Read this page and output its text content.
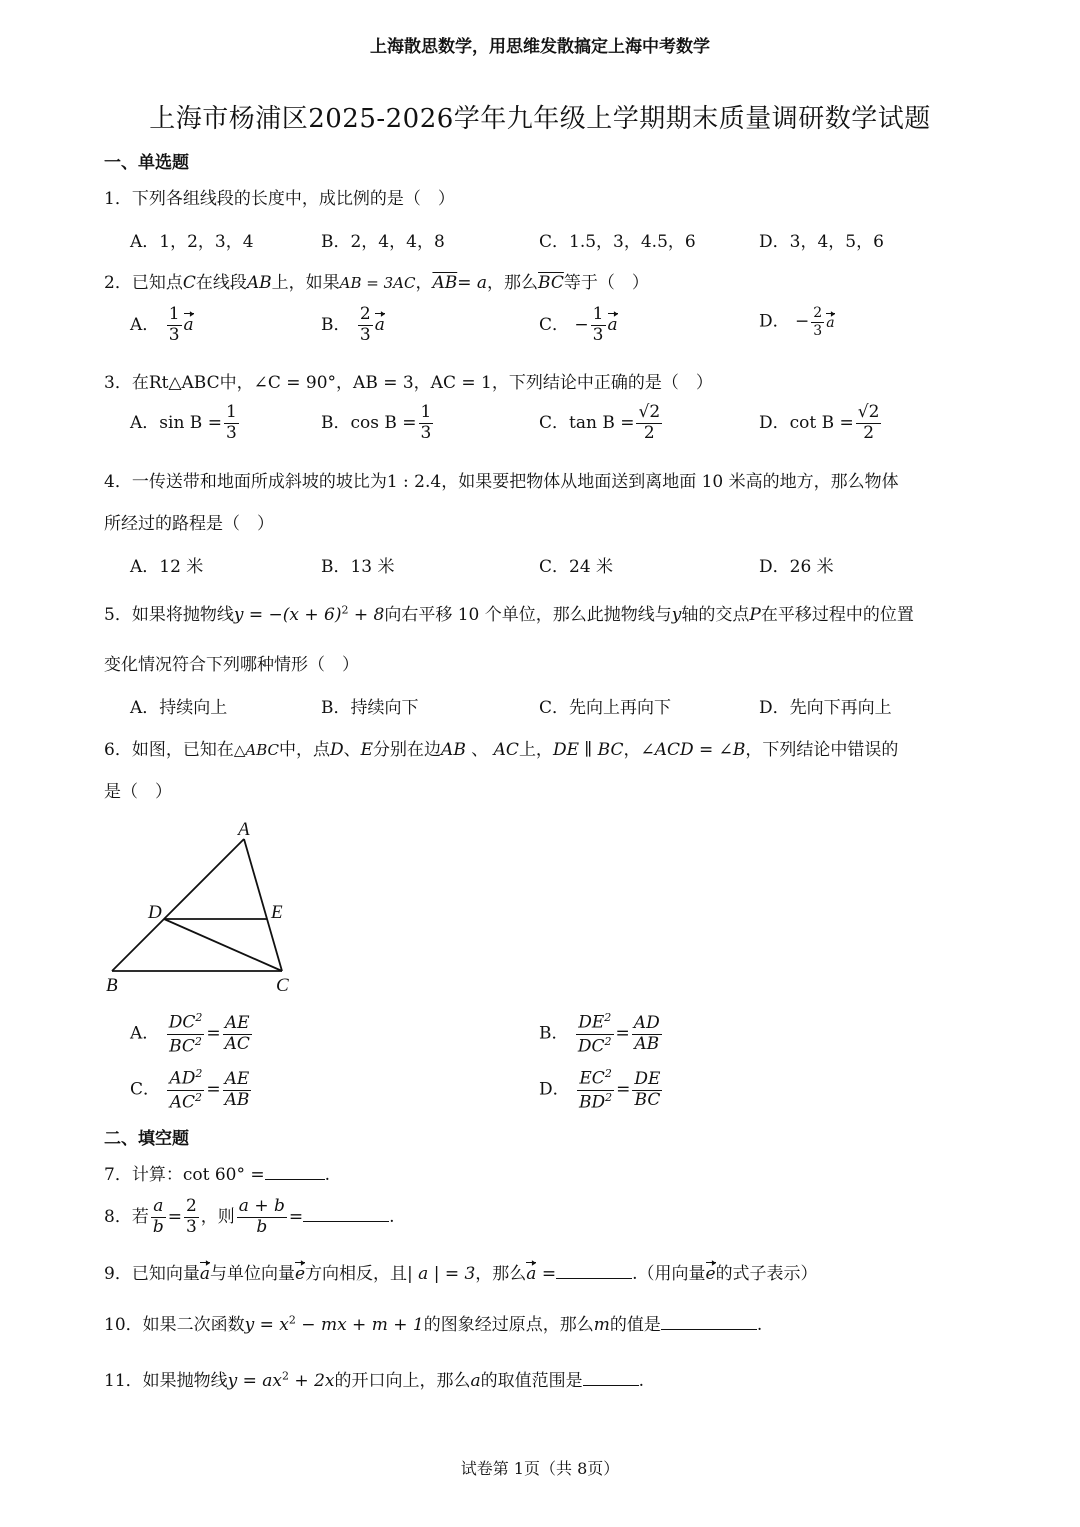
上海散思数学，用思维发散搞定上海中考数学
上海市杨浦区2025-2026学年九年级上学期期末质量调研数学试题
一、单选题
1．下列各组线段的长度中，成比例的是（　）
A．1，2，3，4	B．2，4，4，8	C．1.5，3，4.5，6	D．3，4，5，6
2．已知点C在线段AB上，如果AB = 3AC，$\overline{AB}= a$，那么$\overline{BC}$等于（　）
A． $\frac{1}{3}$ a	B． $\frac{2}{3}$ a	C． − $\frac{1}{3}$ a	D． − $\frac{2}{3}$ a
3．在Rt△ABC中，∠C = 90°，AB = 3，AC = 1，下列结论中正确的是（　）
A．$\sin B = \frac{1}{3}$	B．$\cos B = \frac{1}{3}$	C．$\tan B = \frac{√2}{2}$	D．$\cot B = \frac{√2}{2}$
4．一传送带和地面所成斜坡的坡比为1 : 2.4，如果要把物体从地面送到离地面 10 米高的地方，那么物体
所经过的路程是（　）
A．12 米	B．13 米	C．24 米	D．26 米
5．如果将抛物线$y = -(x + 6)^2 + 8$向右平移 10 个单位，那么此抛物线与y轴的交点P在平移过程中的位置
变化情况符合下列哪种情形（　）
A．持续向上	B．持续向下	C．先向上再向下	D．先向下再向上
6．如图，已知在△ABC中，点D、E分别在边AB 、 AC上，DE ∥ BC，∠ACD = ∠B，下列结论中错误的
是（　）
A
D	E
B	C
A． $\frac{DC^2}{BC^2} = \frac{AE}{AC}$	B． $\frac{DE^2}{DC^2} = \frac{AD}{AB}$
C． $\frac{AD^2}{AC^2} = \frac{AE}{AB}$	D． $\frac{EC^2}{BD^2} = \frac{DE}{BC}$
二、填空题
7．计算：cot 60° =	.
8．若 $\frac{a}{b} = \frac{2}{3}$ ，则 $\frac{a + b}{b}$ =	.
9．已知向量a与单位向量e方向相反，且| a | = 3，那么a =	.（用向量e的式子表示）
10．如果二次函数$y = x^2$ − mx + m + 1的图象经过原点，那么m的值是	.
11．如果抛物线$y = ax^2 + 2x$的开口向上，那么a的取值范围是	.
试卷第 1页（共 8页）
